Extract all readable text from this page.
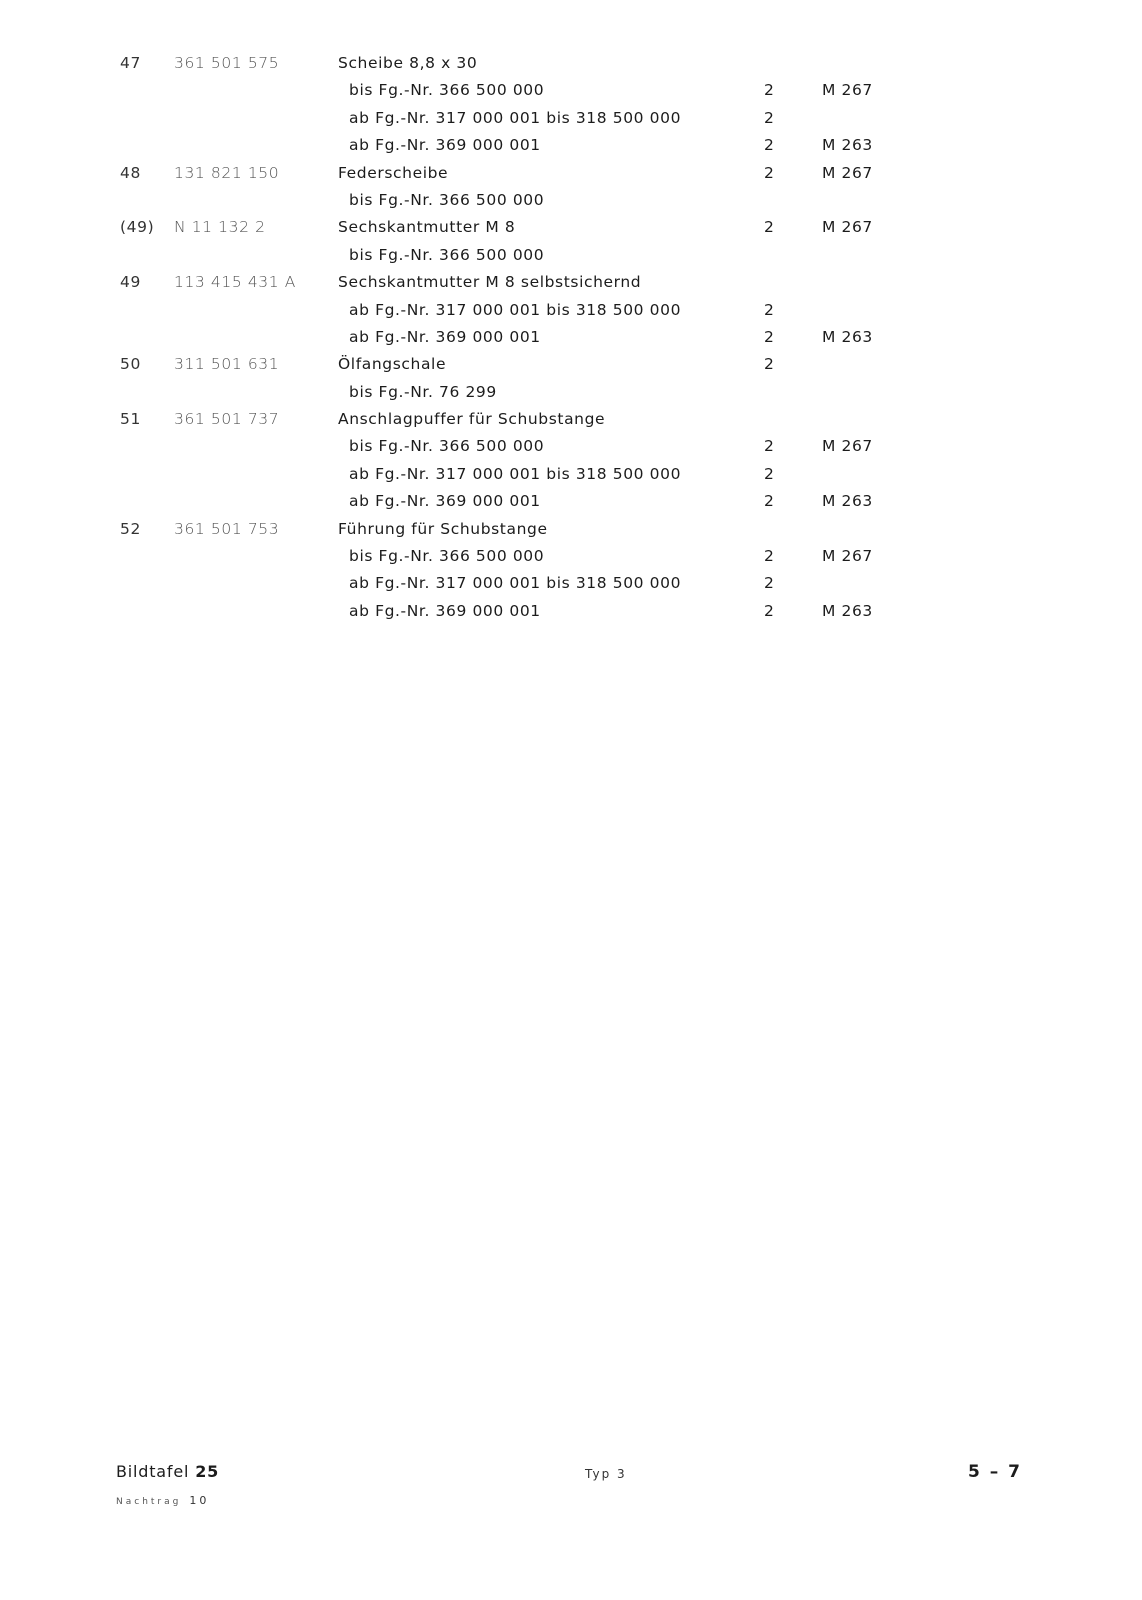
47 361 501 575	Scheibe 8,8 x 30
bis Fg.-Nr. 366 500 000	2	M 267
ab Fg.-Nr. 317 000 001 bis 318 500 000	2
ab Fg.-Nr. 369 000 001	2	M 263
48 131 821 150	Federscheibe	2	M 267
bis Fg.-Nr. 366 500 000
(49) N 11 132 2	Sechskantmutter M 8	2	M 267
bis Fg.-Nr. 366 500 000
49 113 415 431 A	Sechskantmutter M 8 selbstsichernd
ab Fg.-Nr. 317 000 001 bis 318 500 000	2
ab Fg.-Nr. 369 000 001	2	M 263
50 311 501 631	Ölfangschale	2
bis Fg.-Nr. 76 299
51 361 501 737	Anschlagpuffer für Schubstange
bis Fg.-Nr. 366 500 000	2	M 267
ab Fg.-Nr. 317 000 001 bis 318 500 000	2
ab Fg.-Nr. 369 000 001	2	M 263
52 361 501 753	Führung für Schubstange
bis Fg.-Nr. 366 500 000	2	M 267
ab Fg.-Nr. 317 000 001 bis 318 500 000	2
ab Fg.-Nr. 369 000 001	2	M 263
Bildtafel 25
Nachtrag 10
Typ 3	5 – 7
